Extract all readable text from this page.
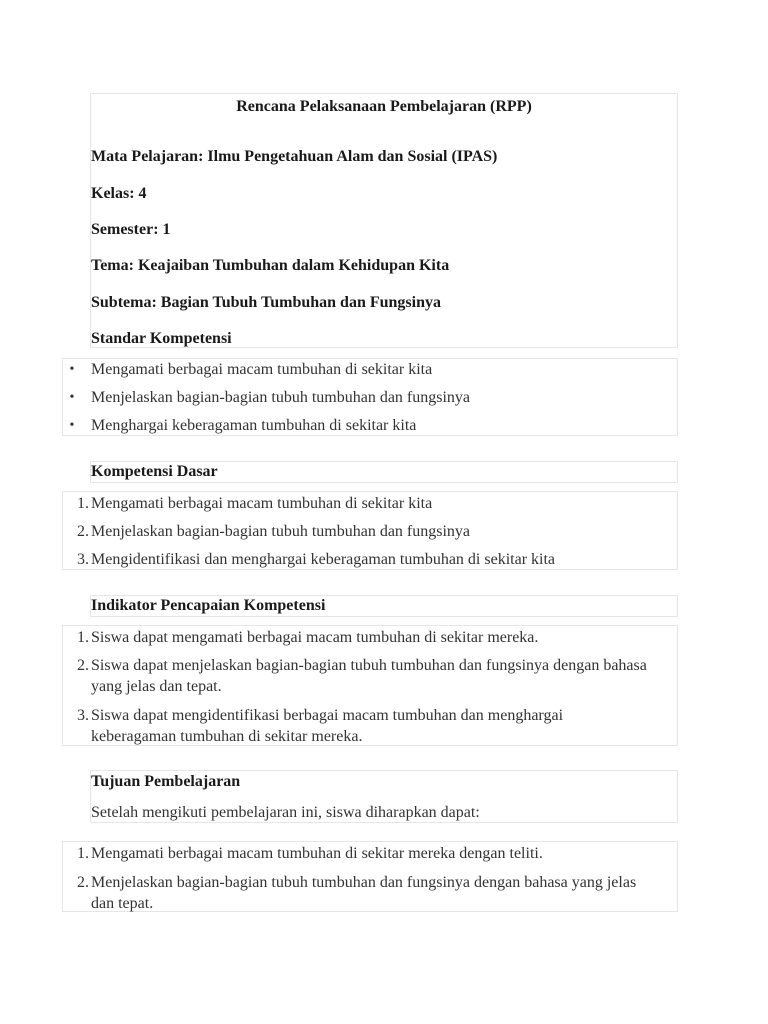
Rencana Pelaksanaan Pembelajaran (RPP)
Mata Pelajaran: Ilmu Pengetahuan Alam dan Sosial (IPAS)
Kelas: 4
Semester: 1
Tema: Keajaiban Tumbuhan dalam Kehidupan Kita
Subtema: Bagian Tubuh Tumbuhan dan Fungsinya
Standar Kompetensi
• Mengamati berbagai macam tumbuhan di sekitar kita
• Menjelaskan bagian-bagian tubuh tumbuhan dan fungsinya
• Menghargai keberagaman tumbuhan di sekitar kita
Kompetensi Dasar
1. Mengamati berbagai macam tumbuhan di sekitar kita
2. Menjelaskan bagian-bagian tubuh tumbuhan dan fungsinya
3. Mengidentifikasi dan menghargai keberagaman tumbuhan di sekitar kita
Indikator Pencapaian Kompetensi
1. Siswa dapat mengamati berbagai macam tumbuhan di sekitar mereka.
2. Siswa dapat menjelaskan bagian-bagian tubuh tumbuhan dan fungsinya dengan bahasa yang jelas dan tepat.
3. Siswa dapat mengidentifikasi berbagai macam tumbuhan dan menghargai keberagaman tumbuhan di sekitar mereka.
Tujuan Pembelajaran
Setelah mengikuti pembelajaran ini, siswa diharapkan dapat:
1. Mengamati berbagai macam tumbuhan di sekitar mereka dengan teliti.
2. Menjelaskan bagian-bagian tubuh tumbuhan dan fungsinya dengan bahasa yang jelas dan tepat.
